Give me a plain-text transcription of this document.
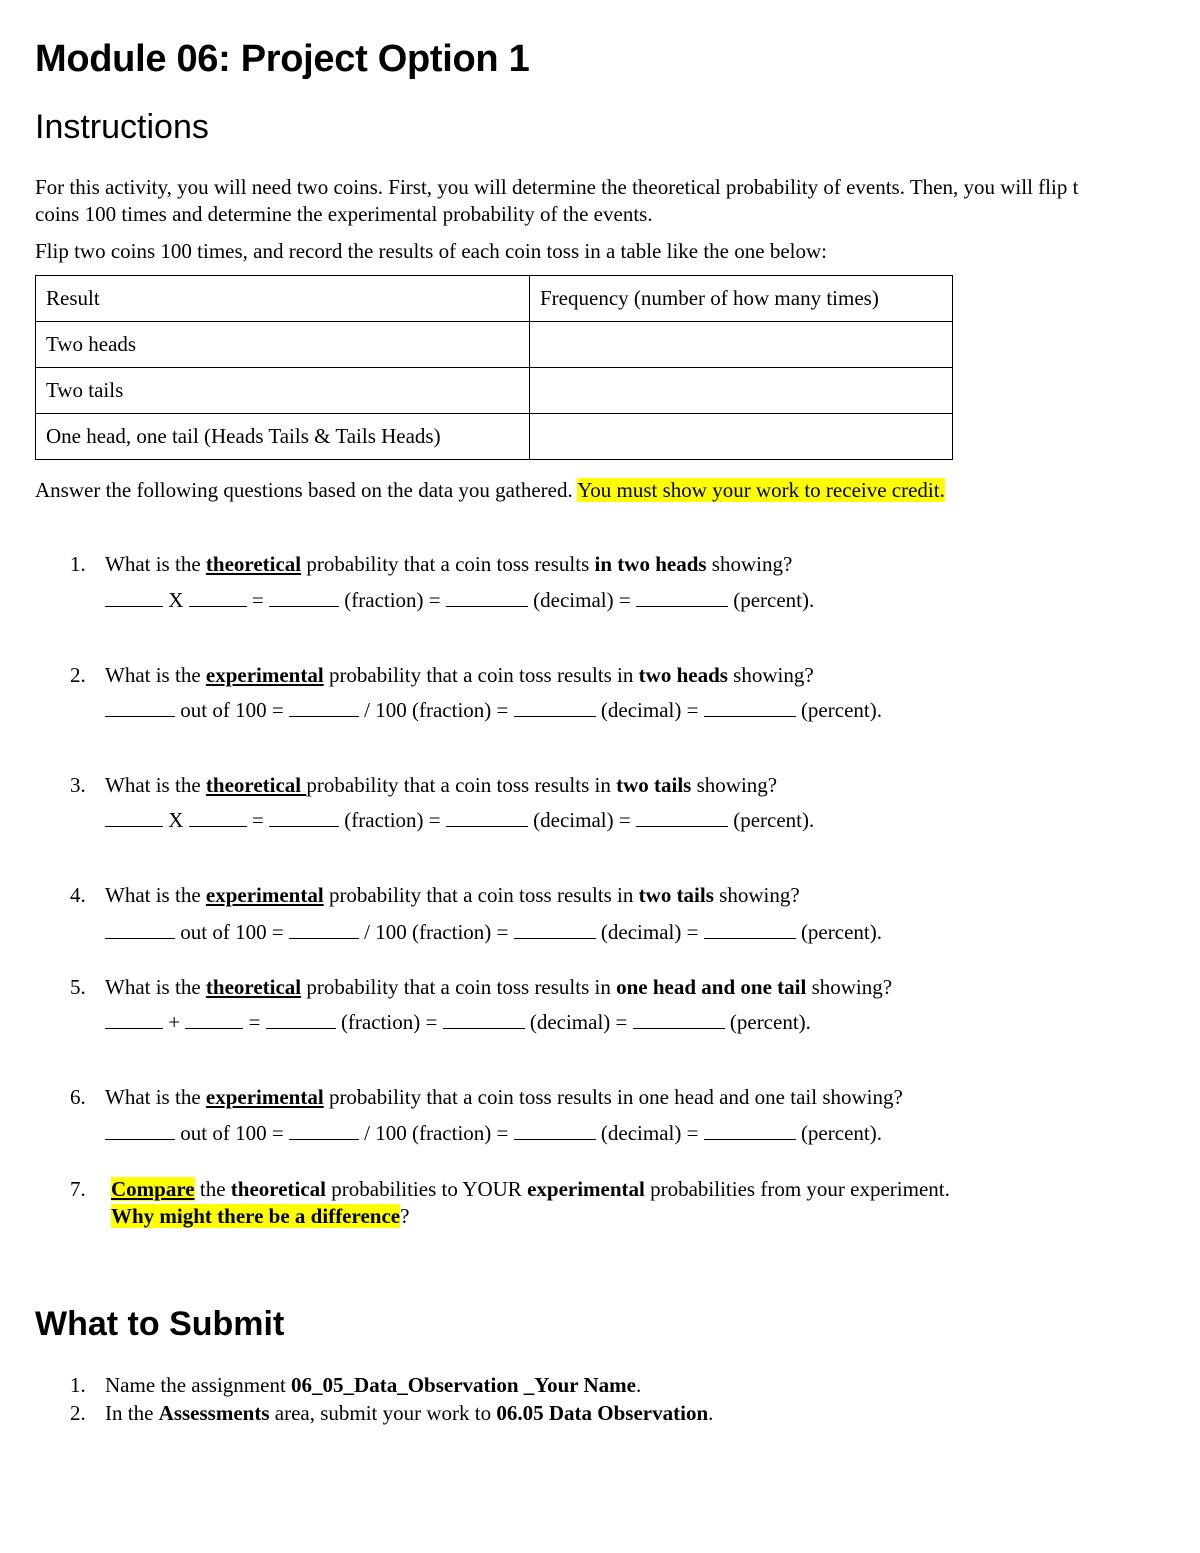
Module 06: Project Option 1
Instructions
For this activity, you will need two coins. First, you will determine the theoretical probability of events. Then, you will flip t
coins 100 times and determine the experimental probability of the events.
Flip two coins 100 times, and record the results of each coin toss in a table like the one below:
Result	Frequency (number of how many times)
Two heads	
Two tails	
One head, one tail (Heads Tails & Tails Heads)	
Answer the following questions based on the data you gathered. You must show your work to receive credit.
1. What is the theoretical probability that a coin toss results in two heads showing?
X	=	(fraction) =	(decimal) =	(percent).
2. What is the experimental probability that a coin toss results in two heads showing?
out of 100 =	/ 100 (fraction) =	(decimal) =	(percent).
3. What is the theoretical probability that a coin toss results in two tails showing?
X	=	(fraction) =	(decimal) =	(percent).
4. What is the experimental probability that a coin toss results in two tails showing?
out of 100 =	/ 100 (fraction) =	(decimal) =	(percent).
5. What is the theoretical probability that a coin toss results in one head and one tail showing?
+	=	(fraction) =	(decimal) =	(percent).
6. What is the experimental probability that a coin toss results in one head and one tail showing?
out of 100 =	/ 100 (fraction) =	(decimal) =	(percent).
7. Compare the theoretical probabilities to YOUR experimental probabilities from your experiment.
Why might there be a difference?
What to Submit
1. Name the assignment 06_05_Data_Observation _Your Name.
2. In the Assessments area, submit your work to 06.05 Data Observation.
